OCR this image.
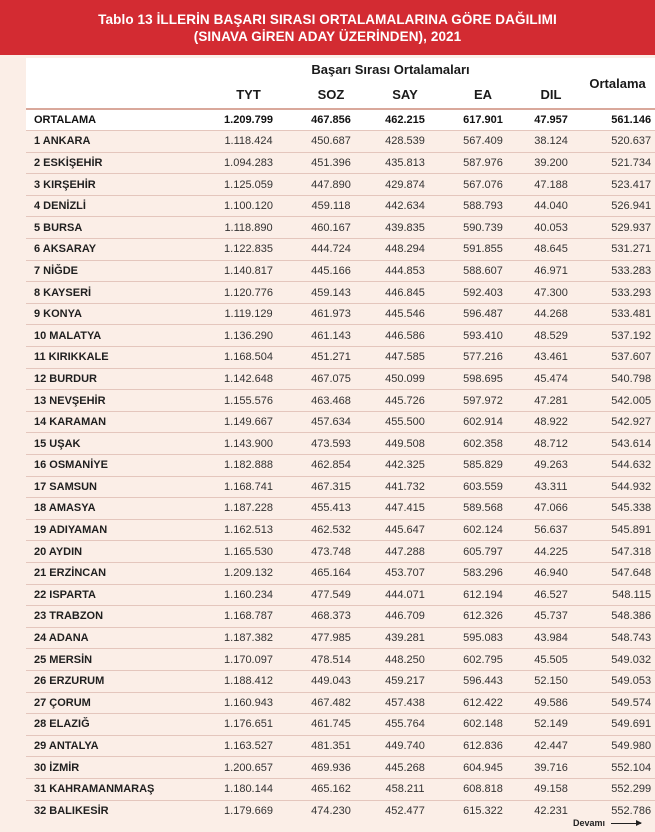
Tablo 13 İLLERİN BAŞARI SIRASI ORTALAMALARINA GÖRE DAĞILIMI
(SINAVA GİREN ADAY ÜZERİNDEN), 2021
	Başarı Sırası Ortalamaları					Ortalama
	TYT	SOZ	SAY	EA	DIL	
ORTALAMA	1.209.799	467.856	462.215	617.901	47.957	561.146
1 ANKARA	1.118.424	450.687	428.539	567.409	38.124	520.637
2 ESKİŞEHİR	1.094.283	451.396	435.813	587.976	39.200	521.734
3 KIRŞEHİR	1.125.059	447.890	429.874	567.076	47.188	523.417
4 DENİZLİ	1.100.120	459.118	442.634	588.793	44.040	526.941
5 BURSA	1.118.890	460.167	439.835	590.739	40.053	529.937
6 AKSARAY	1.122.835	444.724	448.294	591.855	48.645	531.271
7 NİĞDE	1.140.817	445.166	444.853	588.607	46.971	533.283
8 KAYSERİ	1.120.776	459.143	446.845	592.403	47.300	533.293
9 KONYA	1.119.129	461.973	445.546	596.487	44.268	533.481
10 MALATYA	1.136.290	461.143	446.586	593.410	48.529	537.192
11 KIRIKKALE	1.168.504	451.271	447.585	577.216	43.461	537.607
12 BURDUR	1.142.648	467.075	450.099	598.695	45.474	540.798
13 NEVŞEHİR	1.155.576	463.468	445.726	597.972	47.281	542.005
14 KARAMAN	1.149.667	457.634	455.500	602.914	48.922	542.927
15 UŞAK	1.143.900	473.593	449.508	602.358	48.712	543.614
16 OSMANİYE	1.182.888	462.854	442.325	585.829	49.263	544.632
17 SAMSUN	1.168.741	467.315	441.732	603.559	43.311	544.932
18 AMASYA	1.187.228	455.413	447.415	589.568	47.066	545.338
19 ADIYAMAN	1.162.513	462.532	445.647	602.124	56.637	545.891
20 AYDIN	1.165.530	473.748	447.288	605.797	44.225	547.318
21 ERZİNCAN	1.209.132	465.164	453.707	583.296	46.940	547.648
22 ISPARTA	1.160.234	477.549	444.071	612.194	46.527	548.115
23 TRABZON	1.168.787	468.373	446.709	612.326	45.737	548.386
24 ADANA	1.187.382	477.985	439.281	595.083	43.984	548.743
25 MERSİN	1.170.097	478.514	448.250	602.795	45.505	549.032
26 ERZURUM	1.188.412	449.043	459.217	596.443	52.150	549.053
27 ÇORUM	1.160.943	467.482	457.438	612.422	49.586	549.574
28 ELAZIĞ	1.176.651	461.745	455.764	602.148	52.149	549.691
29 ANTALYA	1.163.527	481.351	449.740	612.836	42.447	549.980
30 İZMİR	1.200.657	469.936	445.268	604.945	39.716	552.104
31 KAHRAMANMARAŞ	1.180.144	465.162	458.211	608.818	49.158	552.299
32 BALIKESİR	1.179.669	474.230	452.477	615.322	42.231	552.786
Devamı
